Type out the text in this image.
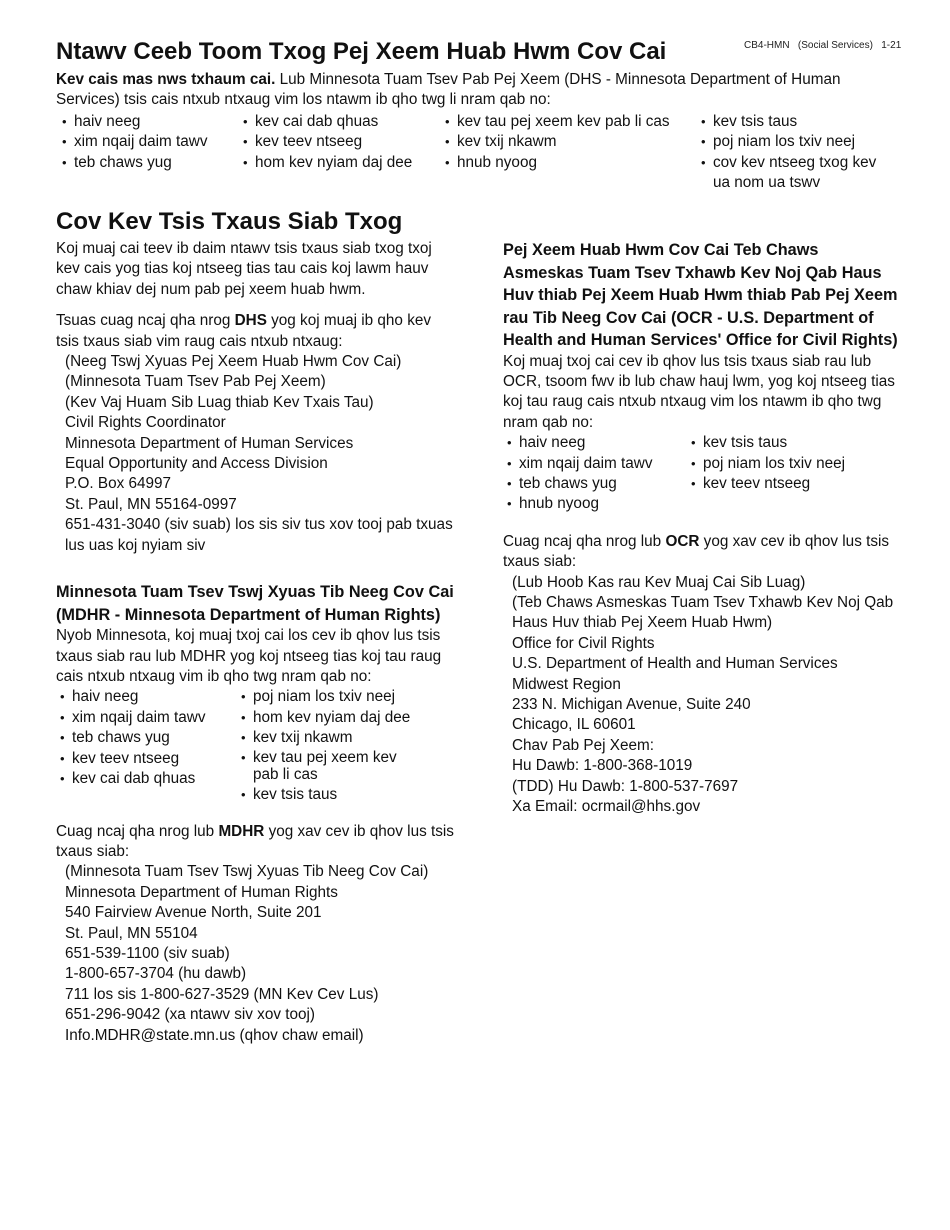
Ntawv Ceeb Toom Txog Pej Xeem Huab Hwm Cov Cai	CB4-HMN   (Social Services)   1-21

Kev cais mas nws txhaum cai. Lub Minnesota Tuam Tsev Pab Pej Xeem (DHS - Minnesota Department of Human Services) tsis cais ntxub ntxaug vim los ntawm ib qho twg li nram qab no:

• haiv neeg
• xim nqaij daim tawv
• teb chaws yug
• kev cai dab qhuas
• kev teev ntseeg
• hom kev nyiam daj dee
• kev tau pej xeem kev pab li cas
• kev txij nkawm
• hnub nyoog
• kev tsis taus
• poj niam los txiv neej
• cov kev ntseeg txog kev ua nom ua tswv
Cov Kev Tsis Txaus Siab Txog

Koj muaj cai teev ib daim ntawv tsis txaus siab txog txoj kev cais yog tias koj ntseeg tias tau cais koj lawm hauv chaw khiav dej num pab pej xeem huab hwm.

Tsuas cuag ncaj qha nrog DHS yog koj muaj ib qho kev tsis txaus siab vim raug cais ntxub ntxaug:

(Neeg Tswj Xyuas Pej Xeem Huab Hwm Cov Cai)
(Minnesota Tuam Tsev Pab Pej Xeem)
(Kev Vaj Huam Sib Luag thiab Kev Txais Tau)
Civil Rights Coordinator
Minnesota Department of Human Services
Equal Opportunity and Access Division
P.O. Box 64997
St. Paul, MN 55164-0997
651-431-3040 (siv suab) los sis siv tus xov tooj pab txuas lus uas koj nyiam siv
Minnesota Tuam Tsev Tswj Xyuas Tib Neeg Cov Cai (MDHR - Minnesota Department of Human Rights)

Nyob Minnesota, koj muaj txoj cai los cev ib qhov lus tsis txaus siab rau lub MDHR yog koj ntseeg tias koj tau raug cais ntxub ntxaug vim ib qho twg nram qab no:

• haiv neeg
• xim nqaij daim tawv
• teb chaws yug
• kev teev ntseeg
• kev cai dab qhuas
• poj niam los txiv neej
• hom kev nyiam daj dee
• kev txij nkawm
• kev tau pej xeem kev pab li cas
• kev tsis taus

Cuag ncaj qha nrog lub MDHR yog xav cev ib qhov lus tsis txaus siab:

(Minnesota Tuam Tsev Tswj Xyuas Tib Neeg Cov Cai)
Minnesota Department of Human Rights
540 Fairview Avenue North, Suite 201
St. Paul, MN 55104
651-539-1100 (siv suab)
1-800-657-3704 (hu dawb)
711 los sis 1-800-627-3529 (MN Kev Cev Lus)
651-296-9042 (xa ntawv siv xov tooj)
Info.MDHR@state.mn.us (qhov chaw email)
Pej Xeem Huab Hwm Cov Cai Teb Chaws Asmeskas Tuam Tsev Txhawb Kev Noj Qab Haus Huv thiab Pej Xeem Huab Hwm thiab Pab Pej Xeem rau Tib Neeg Cov Cai (OCR - U.S. Department of Health and Human Services' Office for Civil Rights)

Koj muaj txoj cai cev ib qhov lus tsis txaus siab rau lub OCR, tsoom fwv ib lub chaw hauj lwm, yog koj ntseeg tias koj tau raug cais ntxub ntxaug vim los ntawm ib qho twg nram qab no:

• haiv neeg
• xim nqaij daim tawv
• teb chaws yug
• hnub nyoog
• kev tsis taus
• poj niam los txiv neej
• kev teev ntseeg

Cuag ncaj qha nrog lub OCR yog xav cev ib qhov lus tsis txaus siab:

(Lub Hoob Kas rau Kev Muaj Cai Sib Luag)
(Teb Chaws Asmeskas Tuam Tsev Txhawb Kev Noj Qab Haus Huv thiab Pej Xeem Huab Hwm)
Office for Civil Rights
U.S. Department of Health and Human Services
Midwest Region
233 N. Michigan Avenue, Suite 240
Chicago, IL 60601
Chav Pab Pej Xeem:
Hu Dawb: 1-800-368-1019
(TDD) Hu Dawb: 1-800-537-7697
Xa Email: ocrmail@hhs.gov
